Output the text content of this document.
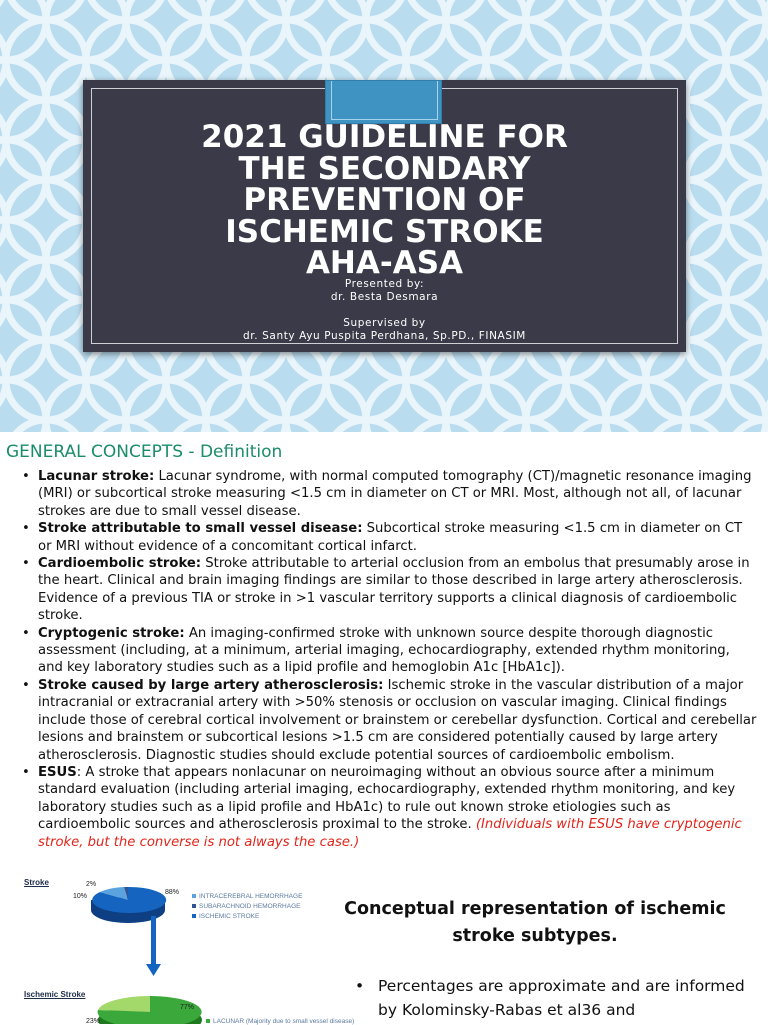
2021 GUIDELINE FOR
THE SECONDARY
PREVENTION OF
ISCHEMIC STROKE
AHA-ASA
Presented by:
dr. Besta Desmara
Supervised by
dr. Santy Ayu Puspita Perdhana, Sp.PD., FINASIM
GENERAL CONCEPTS - Definition
• Lacunar stroke: Lacunar syndrome, with normal computed tomography (CT)/magnetic resonance imaging (MRI) or subcortical stroke measuring <1.5 cm in diameter on CT or MRI. Most, although not all, of lacunar strokes are due to small vessel disease.
• Stroke attributable to small vessel disease: Subcortical stroke measuring <1.5 cm in diameter on CT or MRI without evidence of a concomitant cortical infarct.
• Cardioembolic stroke: Stroke attributable to arterial occlusion from an embolus that presumably arose in the heart. Clinical and brain imaging findings are similar to those described in large artery atherosclerosis. Evidence of a previous TIA or stroke in >1 vascular territory supports a clinical diagnosis of cardioembolic stroke.
• Cryptogenic stroke: An imaging-confirmed stroke with unknown source despite thorough diagnostic assessment (including, at a minimum, arterial imaging, echocardiography, extended rhythm monitoring, and key laboratory studies such as a lipid profile and hemoglobin A1c [HbA1c]).
• Stroke caused by large artery atherosclerosis: Ischemic stroke in the vascular distribution of a major intracranial or extracranial artery with >50% stenosis or occlusion on vascular imaging. Clinical findings include those of cerebral cortical involvement or brainstem or cerebellar dysfunction. Cortical and cerebellar lesions and brainstem or subcortical lesions >1.5 cm are considered potentially caused by large artery atherosclerosis. Diagnostic studies should exclude potential sources of cardioembolic embolism.
• ESUS: A stroke that appears nonlacunar on neuroimaging without an obvious source after a minimum standard evaluation (including arterial imaging, echocardiography, extended rhythm monitoring, and key laboratory studies such as a lipid profile and HbA1c) to rule out known stroke etiologies such as cardioembolic sources and atherosclerosis proximal to the stroke. (Individuals with ESUS have cryptogenic stroke, but the converse is not always the case.)
Stroke	2%
10%
88%
INTRACEREBRAL HEMORRHAGE
SUBARACHNOID HEMORRHAGE
ISCHEMIC STROKE
Ischemic Stroke
77%
23%	LACUNAR (Majority due to small vessel disease)
Conceptual representation of ischemic stroke subtypes.
• Percentages are approximate and are informed by Kolominsky-Rabas et al36 and
